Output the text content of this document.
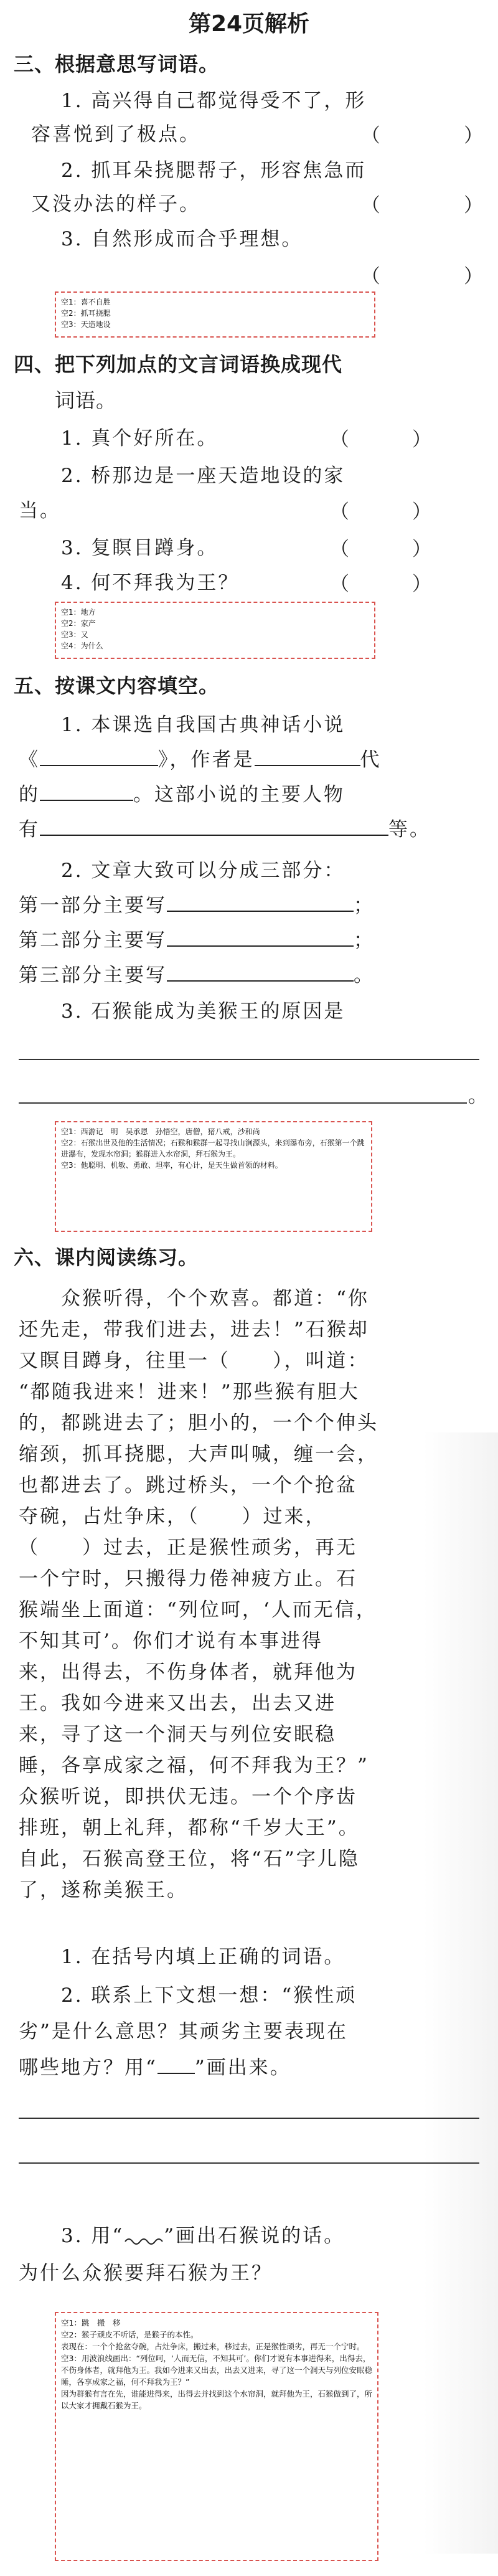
第24页解析
三、根据意思写词语。
1. 高兴得自己都觉得受不了，形
容喜悦到了极点。	（　　　　）
2. 抓耳朵挠腮帮子，形容焦急而
又没办法的样子。	（　　　　）
3. 自然形成而合乎理想。
（　　　　）
空1：喜不自胜
空2：抓耳挠腮
空3：天造地设
四、把下列加点的文言词语换成现代
词语。
1. 真个好所在。	（　　　）
2. 桥那边是一座天造地设的家
当。	（　　　）
3. 复瞑目蹲身。	（　　　）
4. 何不拜我为王？	（　　　）
空1：地方
空2：家产
空3：又
空4：为什么
五、按课文内容填空。
1. 本课选自我国古典神话小说
《	》，作者是	代
的	。这部小说的主要人物
有	等。
2. 文章大致可以分成三部分：
第一部分主要写	；
第二部分主要写	；
第三部分主要写	。
3. 石猴能成为美猴王的原因是
。
空1：西游记　明　吴承恩　孙悟空，唐僧，猪八戒，沙和尚
空2：石猴出世及他的生活情况；石猴和猴群一起寻找山涧源头，来到瀑布旁，石猴第一个跳进瀑布，发现水帘洞；猴群进入水帘洞，拜石猴为王。
空3：他聪明、机敏、勇敢、坦率，有心计，是天生做首领的材料。
六、课内阅读练习。
众猴听得，个个欢喜。都道：“你
还先走，带我们进去，进去！”石猴却
又瞑目蹲身，往里一（　　），叫道：
“都随我进来！进来！”那些猴有胆大
的，都跳进去了；胆小的，一个个伸头
缩颈，抓耳挠腮，大声叫喊，缠一会，
也都进去了。跳过桥头，一个个抢盆
夺碗，占灶争床，（　　）过来，
（　　）过去，正是猴性顽劣，再无
一个宁时，只搬得力倦神疲方止。石
猴端坐上面道：“列位呵，‘人而无信，
不知其可’。你们才说有本事进得
来，出得去，不伤身体者，就拜他为
王。我如今进来又出去，出去又进
来，寻了这一个洞天与列位安眠稳
睡，各享成家之福，何不拜我为王？”
众猴听说，即拱伏无违。一个个序齿
排班，朝上礼拜，都称“千岁大王”。
自此，石猴高登王位，将“石”字儿隐
了，遂称美猴王。
1. 在括号内填上正确的词语。
2. 联系上下文想一想：“猴性顽
劣”是什么意思？其顽劣主要表现在
哪些地方？用“ ”画出来。
3. 用“ ”画出石猴说的话。
为什么众猴要拜石猴为王？
空1：跳　搬　移
空2：猴子顽皮不听话，是猴子的本性。
表现在：一个个抢盆夺碗，占灶争床，搬过来，移过去，正是猴性顽劣，再无一个宁时。
空3：用波浪线画出：“列位呵，‘人而无信，不知其可’。你们才说有本事进得来，出得去，不伤身体者，就拜他为王。我如今进来又出去，出去又进来，寻了这一个洞天与列位安眠稳睡，各享成家之福，何不拜我为王？”
因为群猴有言在先，谁能进得来，出得去并找到这个水帘洞，就拜他为王，石猴做到了，所以大家才拥戴石猴为王。
